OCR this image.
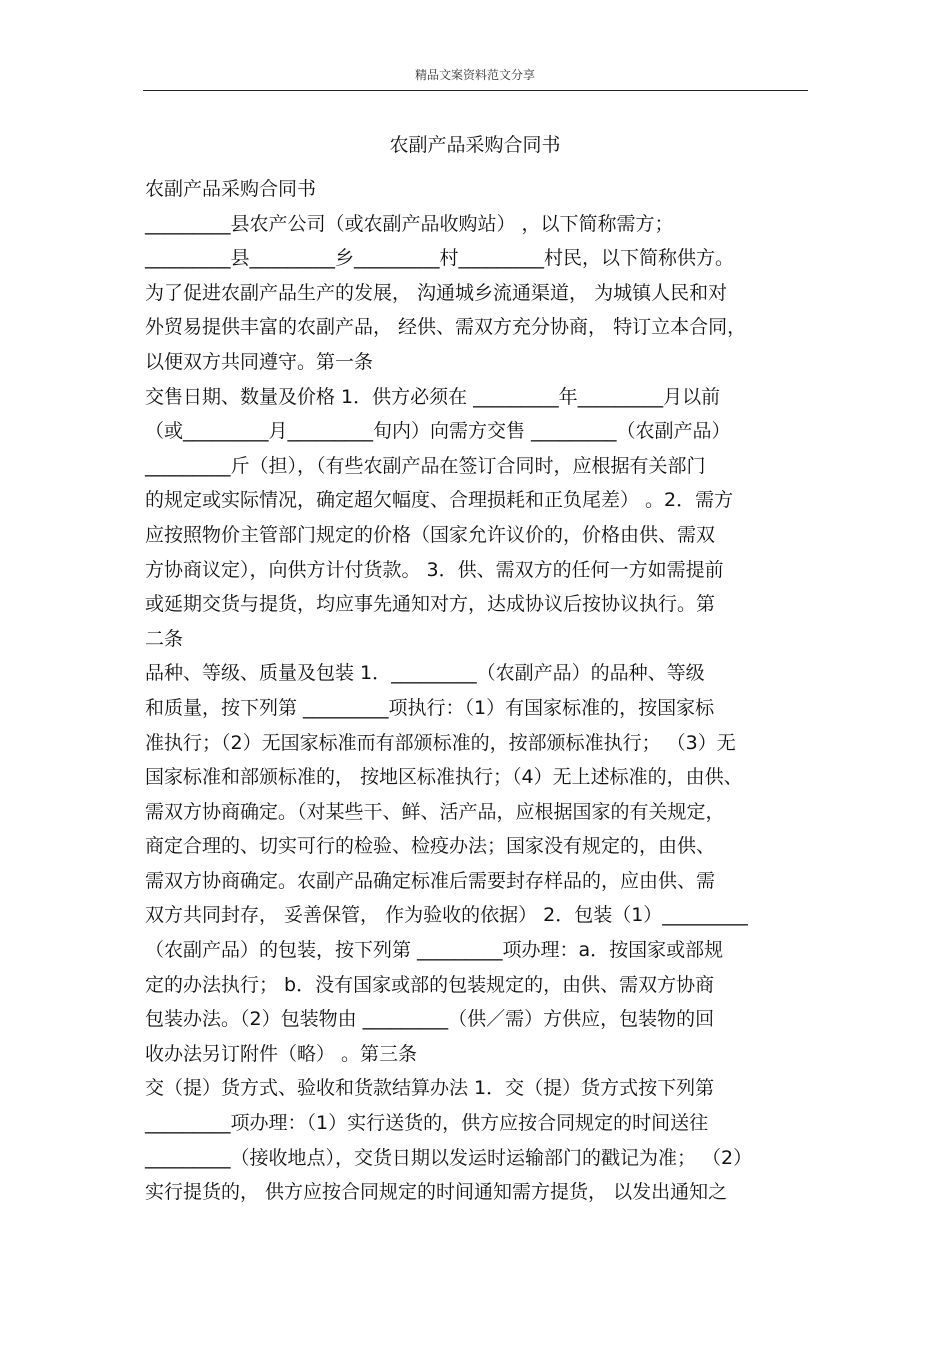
精品文案资料范文分享
农副产品采购合同书
农副产品采购合同书
_________县农产公司（或农副产品收购站） ，以下简称需方；
_________县_________乡_________村_________村民，以下简称供方。
为了促进农副产品生产的发展， 沟通城乡流通渠道， 为城镇人民和对
外贸易提供丰富的农副产品， 经供、需双方充分协商， 特订立本合同，
以便双方共同遵守。第一条
交售日期、数量及价格 1．供方必须在 _________年_________月以前
（或_________月_________旬内）向需方交售 _________（农副产品）
_________斤（担），（有些农副产品在签订合同时，应根据有关部门
的规定或实际情况，确定超欠幅度、合理损耗和正负尾差） 。2．需方
应按照物价主管部门规定的价格（国家允许议价的，价格由供、需双
方协商议定），向供方计付货款。 3．供、需双方的任何一方如需提前
或延期交货与提货，均应事先通知对方，达成协议后按协议执行。第
二条
品种、等级、质量及包装 1．_________（农副产品）的品种、等级
和质量，按下列第 _________项执行：（1）有国家标准的，按国家标
准执行；（2）无国家标准而有部颁标准的，按部颁标准执行； （3）无
国家标准和部颁标准的， 按地区标准执行；（4）无上述标准的，由供、
需双方协商确定。（对某些干、鲜、活产品，应根据国家的有关规定，
商定合理的、切实可行的检验、检疫办法；国家没有规定的，由供、
需双方协商确定。农副产品确定标准后需要封存样品的，应由供、需
双方共同封存， 妥善保管， 作为验收的依据） 2．包装（1）_________
（农副产品）的包装，按下列第 _________项办理：a．按国家或部规
定的办法执行； b．没有国家或部的包装规定的，由供、需双方协商
包装办法。（2）包装物由 _________（供／需）方供应，包装物的回
收办法另订附件（略） 。第三条
交（提）货方式、验收和货款结算办法 1．交（提）货方式按下列第
_________项办理：（1）实行送货的，供方应按合同规定的时间送往
_________（接收地点），交货日期以发运时运输部门的戳记为准； （2）
实行提货的， 供方应按合同规定的时间通知需方提货， 以发出通知之
